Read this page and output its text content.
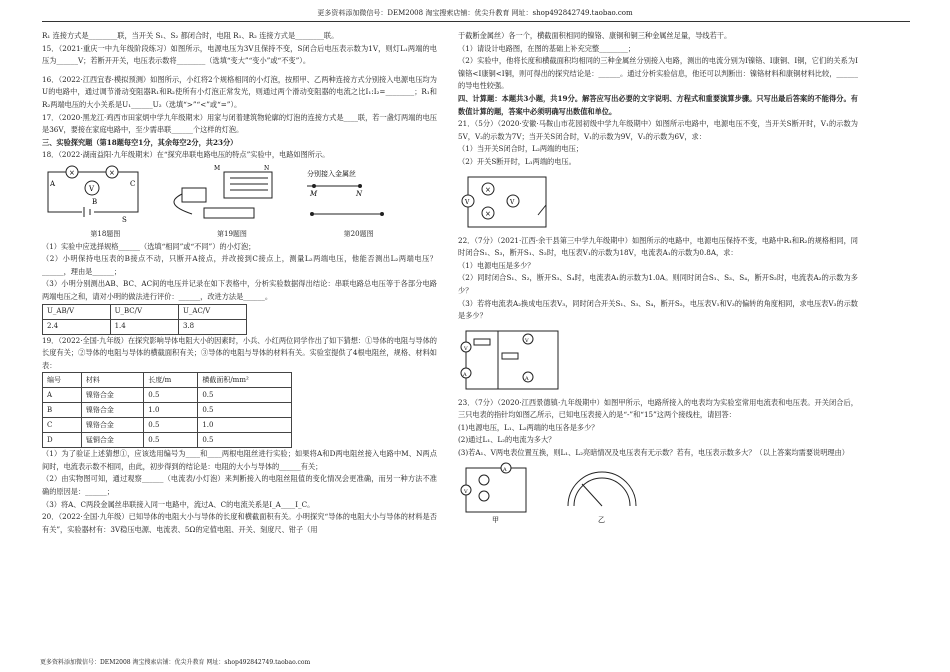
更多资料添加微信号：DEM2008 淘宝搜索店铺：优尖升教育 网址：shop492842749.taobao.com

R₁ 连接方式是________联，当开关 S₁、S₂ 都闭合时，电阻 R₁、R₂ 连接方式是________联。

15．（2021·重庆一中九年级阶段练习）如图所示，电源电压为3V且保持不变，S闭合后电压表示数为1V，则灯L₁两端的电压为______V；若断开开关，电压表示数将________（选填“变大”“变小”或“不变”）。

16．（2022·江西宜春·模拟预测）如图所示，小红将2个规格相同的小灯泡，按照甲、乙两种连接方式分别接入电源电压均为U的电路中，通过调节滑动变阻器R₁和R₂使所有小灯泡正常发光，则通过两个滑动变阻器的电流之比I₁:I₂=________；R₁和R₂两端电压的大小关系是U₁______U₂（选填“>”“<”或“=”）。

17．（2020·黑龙江·鸡西市田家炳中学九年级期末）用家与闭着建筑物轮廓的灯泡的连接方式是____联，若一盏灯两端的电压是36V，要接在家庭电路中，至少需串联______个这样的灯泡。

三、实验探究题（第18题每空1分，其余每空2分，共23分）

18．（2022·湖南益阳·九年级期末）在“探究串联电路电压的特点”实验中，电路如图所示。

×	×
V
A
B
C
S
M	N
分别接入金属丝
M	N
第18题图	第19题图	第20题图

（1）实验中应选择规格______（选填“相同”或“不同”）的小灯泡；

（2）小明保持电压表的B接点不动，只断开A接点，并改接到C接点上，测量L₂两端电压，他能否测出L₂两端电压？______，理由是______；

（3）小明分别测出AB、BC、AC间的电压并记录在如下表格中，分析实验数据得出结论：串联电路总电压等于各部分电路两端电压之和，请对小明的做法进行评价：______，改进方法是______。

U_AB/V	U_BC/V	U_AC/V
2.4	1.4	3.8

19．（2022·全国·九年级）在探究影响导体电阻大小的因素时，小兵、小红两位同学作出了如下猜想：①导体的电阻与导体的长度有关；②导体的电阻与导体的横截面积有关；③导体的电阻与导体的材料有关。实验室提供了4根电阻丝，规格、材料如表：

编号	材料	长度/m	横截面积/mm²
A	镍铬合金	0.5	0.5
B	镍铬合金	1.0	0.5
C	镍铬合金	0.5	1.0
D	锰铜合金	0.5	0.5

（1）为了验证上述猜想①，应该选用编号为____和____两根电阻丝进行实验；如果将A和D两电阻丝接入电路中M、N两点间时，电流表示数不相同，由此，初步得到的结论是：电阻的大小与导体的______有关；

（2）由实物图可知，通过观察______（电流表/小灯泡）来判断接入的电阻丝阻值的变化情况会更准确，而另一种方法不准确的原因是：______；

（3）将A、C两段金属丝串联接入同一电路中，流过A、C的电流关系是I_A____I_C。

20．（2022·全国·九年级）已知导体的电阻大小与导体的长度和横截面积有关。小明探究“导体的电阻大小与导体的材料是否有关”，实验器材有：3V稳压电源、电流表、5Ω的定值电阻、开关、刻度尺、钳子（用

于截断金属丝）各一个，横截面积相同的镍铬、康铜和铜三种金属丝足量，导线若干。

（1）请设计电路图，在图的基础上补充完整________；

（2）实验中，他将长度和横截面积均相同的三种金属丝分别接入电路，测出的电流分别为I镍铬、I康铜、I铜，它们的关系为I镍铬<I康铜<I铜，则可得出的探究结论是：______。通过分析实验信息，他还可以判断出：镍铬材料和康铜材料比较，______的导电性较强。

四、计算题：本题共3小题，共19分。解答应写出必要的文字说明、方程式和重要演算步骤。只写出最后答案的不能得分。有数值计算的题，答案中必须明确写出数值和单位。

21．（5分）（2020·安徽·马鞍山市花园初级中学九年级期中）如图所示电路中，电源电压不变，当开关S断开时，V₁的示数为5V，V₂的示数为7V；当开关S闭合时，V₁的示数为9V，V₂的示数为6V，求：

（1）当开关S闭合时，L₂两端的电压；

（2）开关S断开时，L₁两端的电压。

×
×
V	V

22．（7分）（2021·江西·余干县第三中学九年级期中）如图所示的电路中，电源电压保持不变，电路中R₁和R₂的规格相同，同时闭合S₁、S₃，断开S₁、S₂时，电压表V₁的示数为18V，电流表A₁的示数为0.8A，求：

（1）电源电压是多少？

（2）同时闭合S₁、S₂，断开S₃、S₄时，电流表A₁的示数为1.0A。则同时闭合S₁、S₃、S₄，断开S₂时，电流表A₂的示数为多少？

（3）若将电流表A₂换成电压表V₃，同时闭合开关S₁、S₃、S₄，断开S₂，电压表V₁和V₃的偏转的角度相同，求电压表V₃的示数是多少？

V
A
V
A

23．（7分）（2020·江西景德镇·九年级期中）如图甲所示，电路所接入的电表均为实验室常用电流表和电压表。开关闭合后，三只电表的指针均如图乙所示，已知电压表接入的是“-”和“15”这两个接线柱，请回答：

(1)电源电压，L₁、L₂两端的电压各是多少？

(2)通过L₁、L₂的电流为多大？

(3)若A₁、V两电表位置互换，则L₁、L₂亮暗情况及电压表有无示数？若有，电压表示数多大？（以上答案均需要说明理由）

V
A
甲	乙
更多资料添加微信号：DEM2008 淘宝搜索店铺：优尖升教育 网址：shop492842749.taobao.com
